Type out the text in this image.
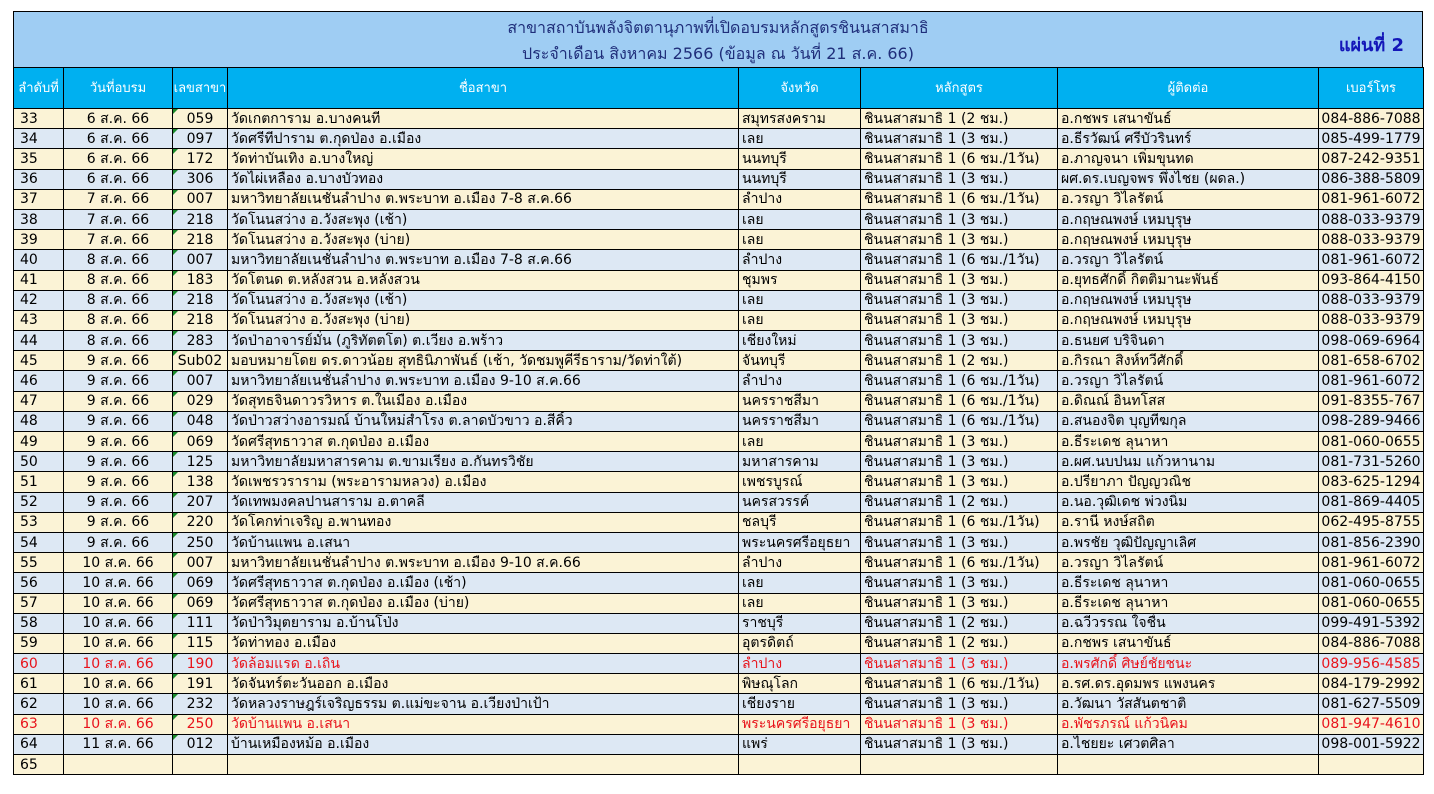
สาขาสถาบันพลังจิตตานุภาพที่เปิดอบรมหลักสูตรชินนสาสมาธิ
ประจำเดือน สิงหาคม 2566 (ข้อมูล ณ วันที่ 21 ส.ค. 66)	แผ่นที่ 2
ลำดับที่	วันที่อบรม	เลขสาขา	ชื่อสาขา	จังหวัด	หลักสูตร	ผู้ติดต่อ	เบอร์โทร
33	6 ส.ค. 66	059	วัดเกตการาม อ.บางคนที	สมุทรสงคราม	ชินนสาสมาธิ 1 (2 ชม.)	อ.กชพร เสนาขันธ์	084-886-7088
34	6 ส.ค. 66	097	วัดศรีทีปาราม ต.กุดป่อง อ.เมือง	เลย	ชินนสาสมาธิ 1 (3 ชม.)	อ.ธีรวัฒน์ ศรีบัวรินทร์	085-499-1779
35	6 ส.ค. 66	172	วัดท่าบันเทิง อ.บางใหญ่	นนทบุรี	ชินนสาสมาธิ 1 (6 ชม./1วัน)	อ.ภาญจนา เพิ่มขุนทด	087-242-9351
36	6 ส.ค. 66	306	วัดไผ่เหลือง อ.บางบัวทอง	นนทบุรี	ชินนสาสมาธิ 1 (3 ชม.)	ผศ.ดร.เบญจพร พึ่งไชย (ผดล.)	086-388-5809
37	7 ส.ค. 66	007	มหาวิทยาลัยเนชั่นลำปาง ต.พระบาท อ.เมือง 7-8 ส.ค.66	ลำปาง	ชินนสาสมาธิ 1 (6 ชม./1วัน)	อ.วรญา วิไลรัตน์	081-961-6072
38	7 ส.ค. 66	218	วัดโนนสว่าง อ.วังสะพุง (เช้า)	เลย	ชินนสาสมาธิ 1 (3 ชม.)	อ.กฤษณพงษ์ เหมบุรุษ	088-033-9379
39	7 ส.ค. 66	218	วัดโนนสว่าง อ.วังสะพุง (บ่าย)	เลย	ชินนสาสมาธิ 1 (3 ชม.)	อ.กฤษณพงษ์ เหมบุรุษ	088-033-9379
40	8 ส.ค. 66	007	มหาวิทยาลัยเนชั่นลำปาง ต.พระบาท อ.เมือง 7-8 ส.ค.66	ลำปาง	ชินนสาสมาธิ 1 (6 ชม./1วัน)	อ.วรญา วิไลรัตน์	081-961-6072
41	8 ส.ค. 66	183	วัดโตนด ต.หลังสวน อ.หลังสวน	ชุมพร	ชินนสาสมาธิ 1 (3 ชม.)	อ.ยุทธศักดิ์ กิตติมานะพันธ์	093-864-4150
42	8 ส.ค. 66	218	วัดโนนสว่าง อ.วังสะพุง (เช้า)	เลย	ชินนสาสมาธิ 1 (3 ชม.)	อ.กฤษณพงษ์ เหมบุรุษ	088-033-9379
43	8 ส.ค. 66	218	วัดโนนสว่าง อ.วังสะพุง (บ่าย)	เลย	ชินนสาสมาธิ 1 (3 ชม.)	อ.กฤษณพงษ์ เหมบุรุษ	088-033-9379
44	8 ส.ค. 66	283	วัดป่าอาจารย์มั่น (ภูริทัตตโต) ต.เวียง อ.พร้าว	เชียงใหม่	ชินนสาสมาธิ 1 (3 ชม.)	อ.ธนยศ บริจินดา	098-069-6964
45	9 ส.ค. 66	Sub02	มอบหมายโดย ดร.ดาวน้อย สุทธินิภาพันธ์ (เช้า, วัดชมพูคีรีธาราม/วัดท่าใต้)	จันทบุรี	ชินนสาสมาธิ 1 (2 ชม.)	อ.กิรณา สิงห์ทวีศักดิ์	081-658-6702
46	9 ส.ค. 66	007	มหาวิทยาลัยเนชั่นลำปาง ต.พระบาท อ.เมือง 9-10 ส.ค.66	ลำปาง	ชินนสาสมาธิ 1 (6 ชม./1วัน)	อ.วรญา วิไลรัตน์	081-961-6072
47	9 ส.ค. 66	029	วัดสุทธจินดาวรวิหาร ต.ในเมือง อ.เมือง	นครราชสีมา	ชินนสาสมาธิ 1 (6 ชม./1วัน)	อ.ดิณณ์ อินทโสส	091-8355-767
48	9 ส.ค. 66	048	วัดป่าวสว่างอารมณ์ บ้านใหม่สำโรง ต.ลาดบัวขาว อ.สีคิ้ว	นครราชสีมา	ชินนสาสมาธิ 1 (6 ชม./1วัน)	อ.สนองจิต บุญทีฆกุล	098-289-9466
49	9 ส.ค. 66	069	วัดศรีสุทธาวาส ต.กุดป่อง อ.เมือง	เลย	ชินนสาสมาธิ 1 (3 ชม.)	อ.ธีระเดช ลุนาหา	081-060-0655
50	9 ส.ค. 66	125	มหาวิทยาลัยมหาสารคาม ต.ขามเรียง อ.กันทรวิชัย	มหาสารคาม	ชินนสาสมาธิ 1 (3 ชม.)	อ.ผศ.นบปนม แก้วหานาม	081-731-5260
51	9 ส.ค. 66	138	วัดเพชรวราราม (พระอารามหลวง) อ.เมือง	เพชรบูรณ์	ชินนสาสมาธิ 1 (3 ชม.)	อ.ปรียาภา ปัญญวณิช	083-625-1294
52	9 ส.ค. 66	207	วัดเทพมงคลปานสาราม อ.ตาคลี	นครสวรรค์	ชินนสาสมาธิ 1 (2 ชม.)	อ.นอ.วุฒิเดช พ่วงนิ่ม	081-869-4405
53	9 ส.ค. 66	220	วัดโคกท่าเจริญ อ.พานทอง	ชลบุรี	ชินนสาสมาธิ 1 (6 ชม./1วัน)	อ.รานี หงษ์สถิต	062-495-8755
54	9 ส.ค. 66	250	วัดบ้านแพน อ.เสนา	พระนครศรีอยุธยา	ชินนสาสมาธิ 1 (3 ชม.)	อ.พรชัย วุฒิปัญญาเลิศ	081-856-2390
55	10 ส.ค. 66	007	มหาวิทยาลัยเนชั่นลำปาง ต.พระบาท อ.เมือง 9-10 ส.ค.66	ลำปาง	ชินนสาสมาธิ 1 (6 ชม./1วัน)	อ.วรญา วิไลรัตน์	081-961-6072
56	10 ส.ค. 66	069	วัดศรีสุทธาวาส ต.กุดป่อง อ.เมือง (เช้า)	เลย	ชินนสาสมาธิ 1 (3 ชม.)	อ.ธีระเดช ลุนาหา	081-060-0655
57	10 ส.ค. 66	069	วัดศรีสุทธาวาส ต.กุดป่อง อ.เมือง (บ่าย)	เลย	ชินนสาสมาธิ 1 (3 ชม.)	อ.ธีระเดช ลุนาหา	081-060-0655
58	10 ส.ค. 66	111	วัดป่าวิมุตยาราม อ.บ้านโป่ง	ราชบุรี	ชินนสาสมาธิ 1 (2 ชม.)	อ.ฉวีวรรณ ใจชื่น	099-491-5392
59	10 ส.ค. 66	115	วัดท่าทอง อ.เมือง	อุตรดิตถ์	ชินนสาสมาธิ 1 (2 ชม.)	อ.กชพร เสนาขันธ์	084-886-7088
60	10 ส.ค. 66	190	วัดล้อมแรด อ.เถิน	ลำปาง	ชินนสาสมาธิ 1 (3 ชม.)	อ.พรศักดิ์ ศิษย์ชัยชนะ	089-956-4585
61	10 ส.ค. 66	191	วัดจันทร์ตะวันออก อ.เมือง	พิษณุโลก	ชินนสาสมาธิ 1 (6 ชม./1วัน)	อ.รศ.ดร.อุดมพร แพงนคร	084-179-2992
62	10 ส.ค. 66	232	วัดหลวงราษฎร์เจริญธรรม ต.แม่ขะจาน อ.เวียงป่าเป้า	เชียงราย	ชินนสาสมาธิ 1 (3 ชม.)	อ.วัฒนา วัสสันตชาติ	081-627-5509
63	10 ส.ค. 66	250	วัดบ้านแพน อ.เสนา	พระนครศรีอยุธยา	ชินนสาสมาธิ 1 (3 ชม.)	อ.พัชรภรณ์ แก้วนิคม	081-947-4610
64	11 ส.ค. 66	012	บ้านเหมืองหม้อ อ.เมือง	แพร่	ชินนสาสมาธิ 1 (3 ชม.)	อ.ไชยยะ เศวตศิลา	098-001-5922
65							
